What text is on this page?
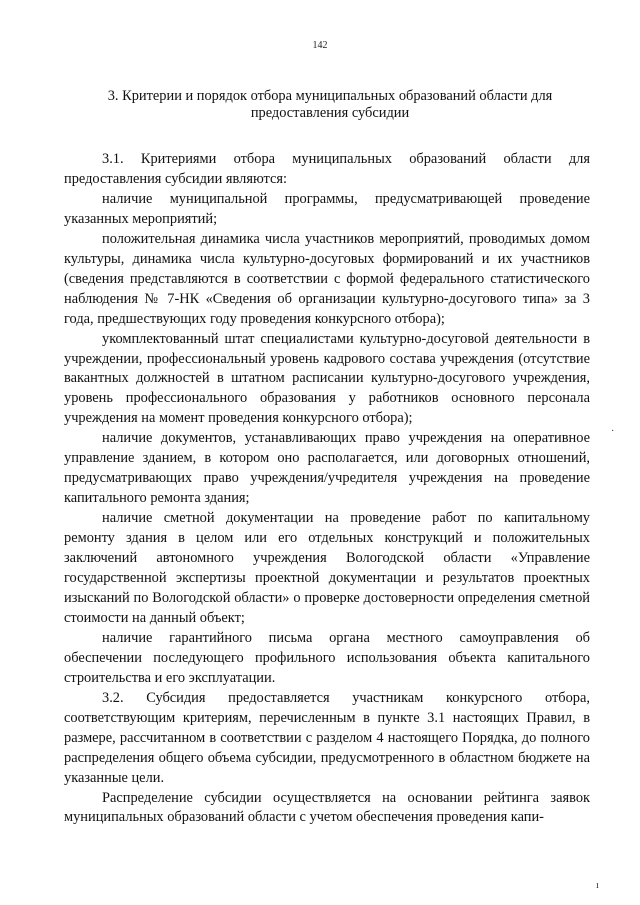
142
3. Критерии и порядок отбора муниципальных образований области для предоставления субсидии

3.1. Критериями отбора муниципальных образований области для предоставления субсидии являются:

наличие муниципальной программы, предусматривающей проведение указанных мероприятий;

положительная динамика числа участников мероприятий, проводимых домом культуры, динамика числа культурно-досуговых формирований и их участников (сведения представляются в соответствии с формой федерального статистического наблюдения № 7-НК «Сведения об организации культурно-досугового типа» за 3 года, предшествующих году проведения конкурсного отбора);

укомплектованный штат специалистами культурно-досуговой деятельности в учреждении, профессиональный уровень кадрового состава учреждения (отсутствие вакантных должностей в штатном расписании культурно-досугового учреждения, уровень профессионального образования у работников основного персонала учреждения на момент проведения конкурсного отбора);

наличие документов, устанавливающих право учреждения на оперативное управление зданием, в котором оно располагается, или договорных отношений, предусматривающих право учреждения/учредителя учреждения на проведение капитального ремонта здания;

наличие сметной документации на проведение работ по капитальному ремонту здания в целом или его отдельных конструкций и положительных заключений автономного учреждения Вологодской области «Управление государственной экспертизы проектной документации и результатов проектных изысканий по Вологодской области» о проверке достоверности определения сметной стоимости на данный объект;

наличие гарантийного письма органа местного самоуправления об обеспечении последующего профильного использования объекта капитального строительства и его эксплуатации.

3.2. Субсидия предоставляется участникам конкурсного отбора, соответствующим критериям, перечисленным в пункте 3.1 настоящих Правил, в размере, рассчитанном в соответствии с разделом 4 настоящего Порядка, до полного распределения общего объема субсидии, предусмотренного в областном бюджете на указанные цели.

Распределение субсидии осуществляется на основании рейтинга заявок муниципальных образований области с учетом обеспечения проведения капи-

·
ı
